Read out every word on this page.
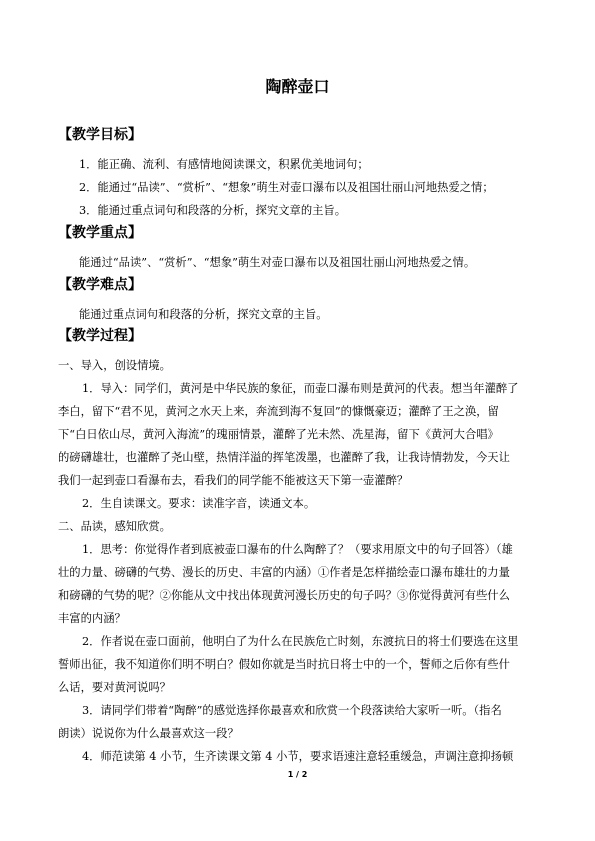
陶醉壶口
【教学目标】
1．能正确、流利、有感情地阅读课文，积累优美地词句；
2．能通过“品读”、“赏析”、“想象”萌生对壶口瀑布以及祖国壮丽山河地热爱之情；
3．能通过重点词句和段落的分析，探究文章的主旨。
【教学重点】
能通过“品读”、“赏析”、“想象”萌生对壶口瀑布以及祖国壮丽山河地热爱之情。
【教学难点】
能通过重点词句和段落的分析，探究文章的主旨。
【教学过程】
一、导入，创设情境。
1．导入：同学们，黄河是中华民族的象征，而壶口瀑布则是黄河的代表。想当年灌醉了
李白，留下“君不见，黄河之水天上来，奔流到海不复回”的慷慨豪迈；灌醉了王之涣，留
下“白日依山尽，黄河入海流”的瑰丽情景，灌醉了光未然、冼星海，留下《黄河大合唱》
的磅礴雄壮，也灌醉了尧山壁，热情洋溢的挥笔泼墨，也灌醉了我，让我诗情勃发，今天让
我们一起到壶口看瀑布去，看我们的同学能不能被这天下第一壶灌醉？
2．生自读课文。要求：读准字音，读通文本。
二、品读，感知欣赏。
1．思考：你觉得作者到底被壶口瀑布的什么陶醉了？（要求用原文中的句子回答）（雄
壮的力量、磅礴的气势、漫长的历史、丰富的内涵）①作者是怎样描绘壶口瀑布雄壮的力量
和磅礴的气势的呢？②你能从文中找出体现黄河漫长历史的句子吗？③你觉得黄河有些什么
丰富的内涵？
2．作者说在壶口面前，他明白了为什么在民族危亡时刻，东渡抗日的将士们要选在这里
誓师出征，我不知道你们明不明白？假如你就是当时抗日将士中的一个，誓师之后你有些什
么话，要对黄河说吗？
3．请同学们带着“陶醉”的感觉选择你最喜欢和欣赏一个段落读给大家听一听。（指名
朗读）说说你为什么最喜欢这一段？
4．师范读第 4 小节，生齐读课文第 4 小节，要求语速注意轻重缓急，声调注意抑扬顿
1 / 2
